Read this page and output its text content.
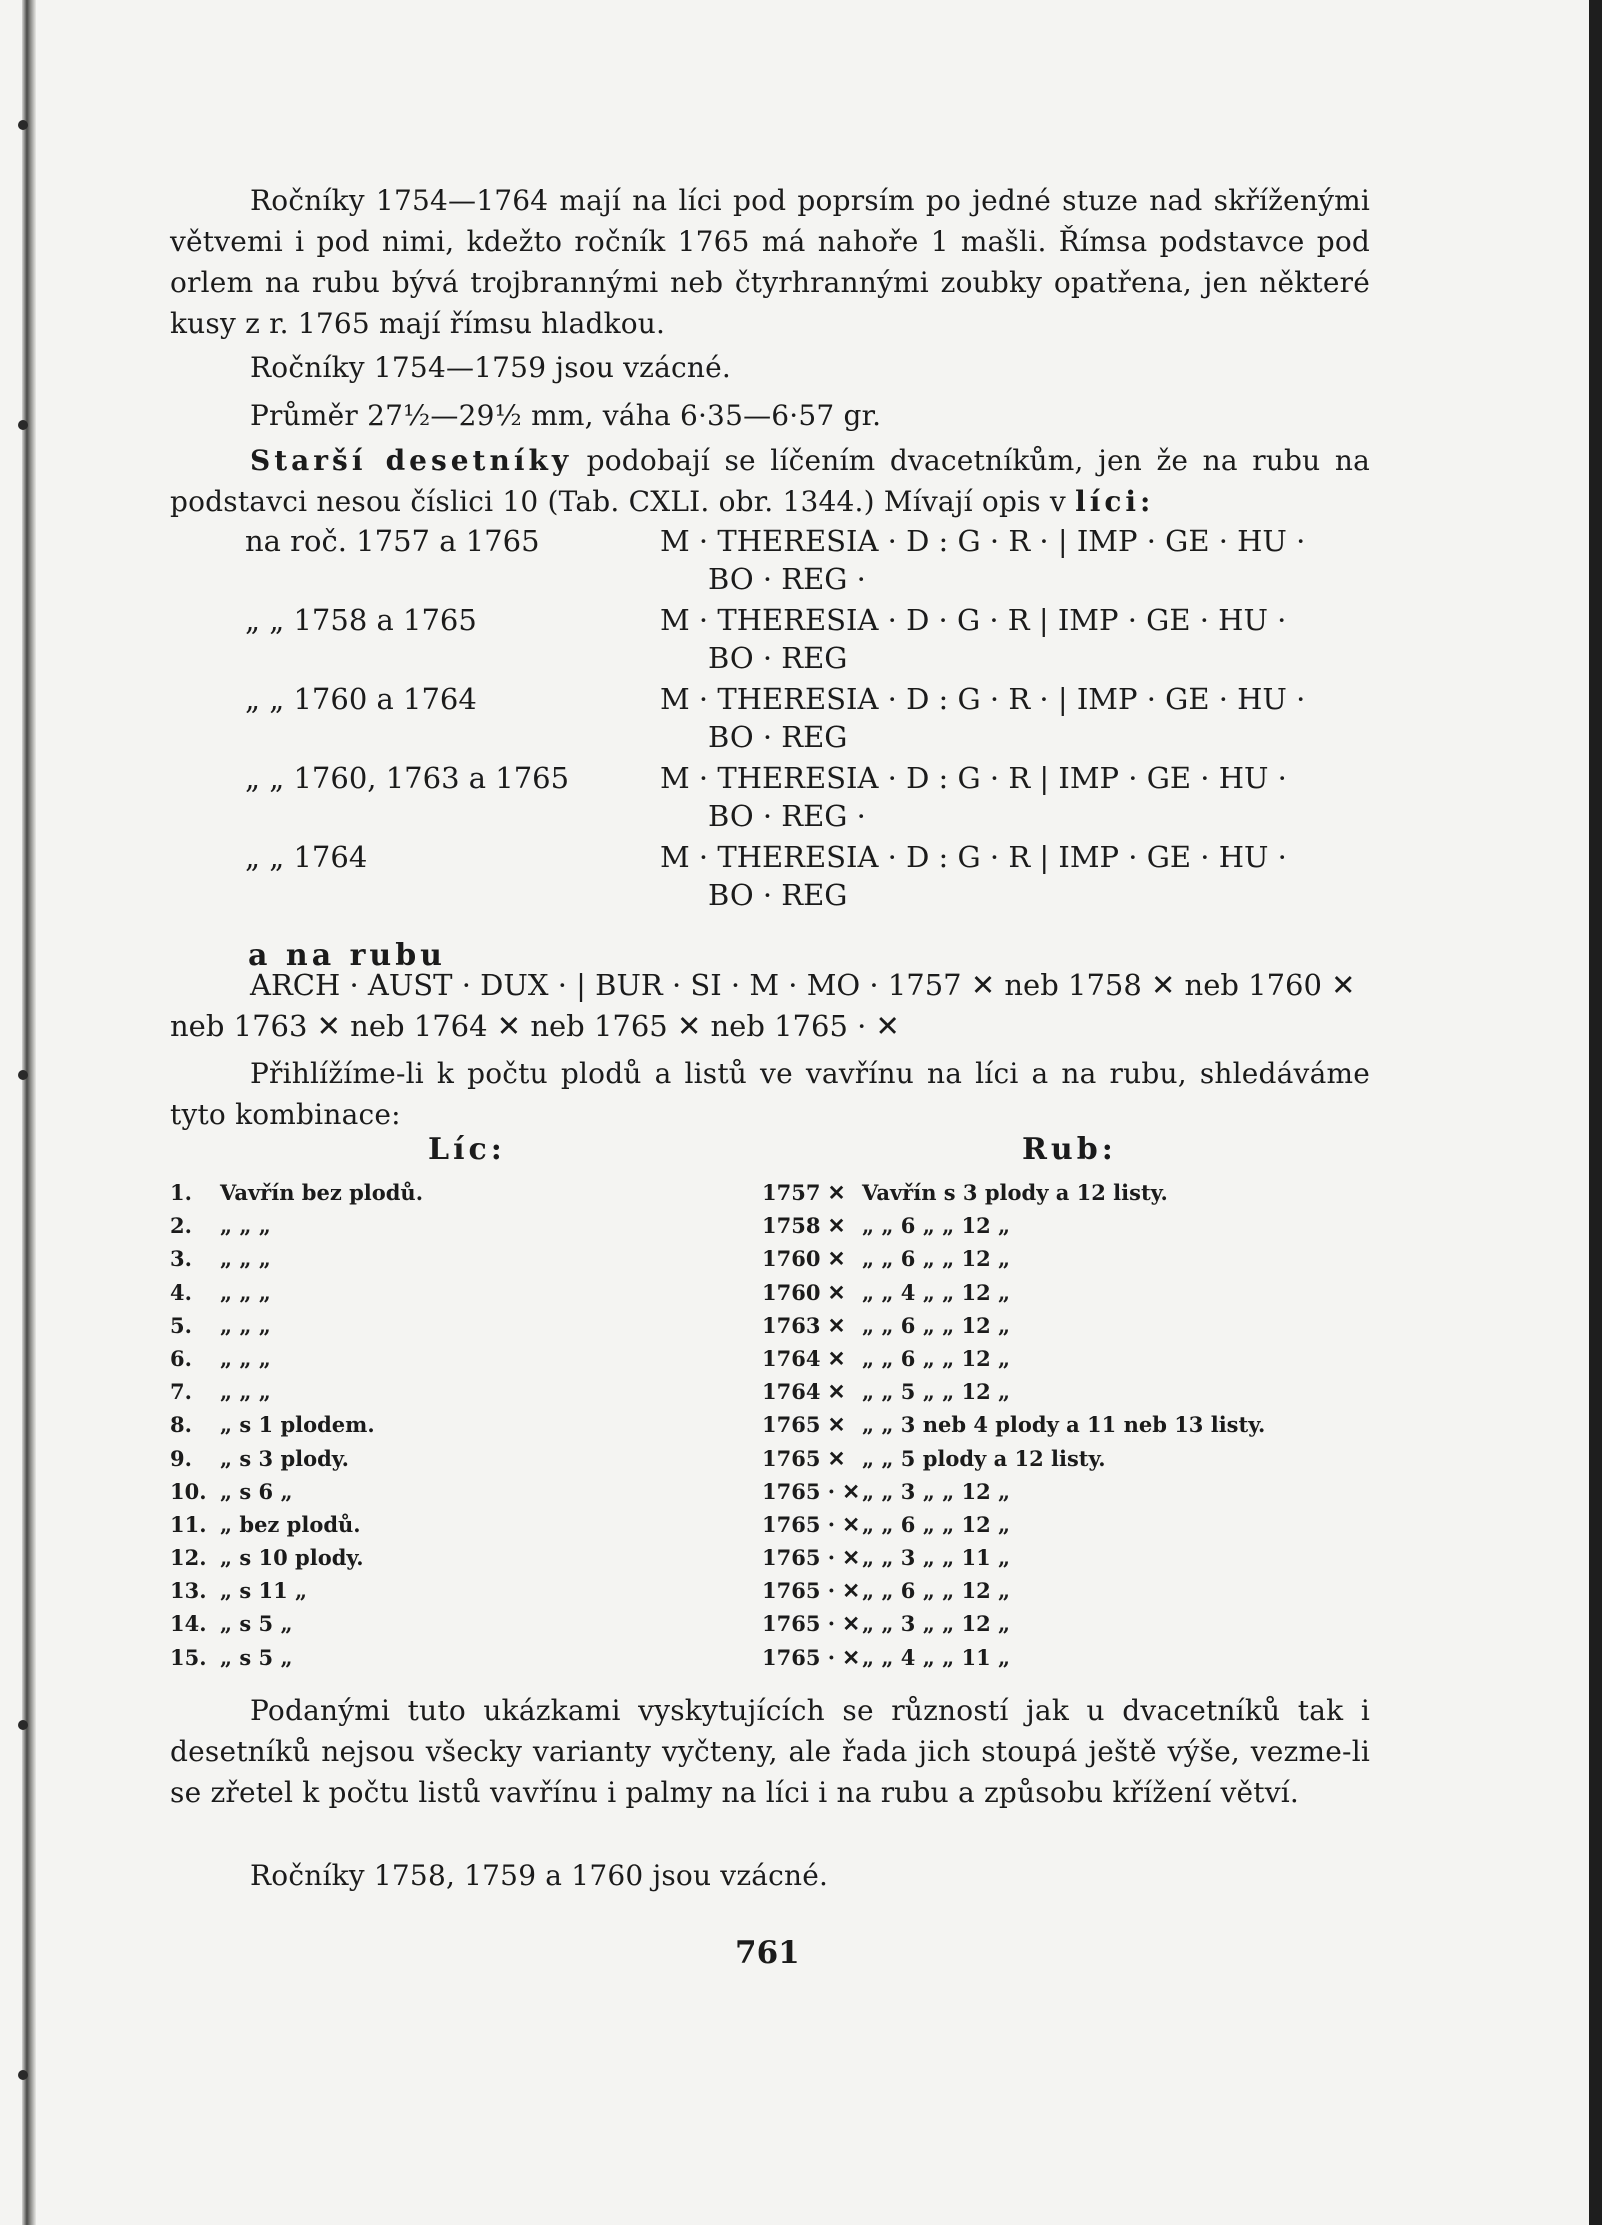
Ročníky 1754—1764 mají na líci pod poprsím po jedné stuze nad skříženými větvemi i pod nimi, kdežto ročník 1765 má nahoře 1 mašli. Římsa podstavce pod orlem na rubu bývá trojbrannými neb čtyrhrannými zoubky opatřena, jen některé kusy z r. 1765 mají římsu hladkou.
Ročníky 1754—1759 jsou vzácné.
Průměr 27½—29½ mm, váha 6·35—6·57 gr.
Starší desetníky podobají se líčením dvacetníkům, jen že na rubu na podstavci nesou číslici 10 (Tab. CXLI. obr. 1344.) Mívají opis v líci:
na roč. 1757 a 1765	M · THERESIA · D : G · R · | IMP · GE · HU ·
BO · REG ·
„ „ 1758 a 1765	M · THERESIA · D · G · R | IMP · GE · HU ·
BO · REG
„ „ 1760 a 1764	M · THERESIA · D : G · R · | IMP · GE · HU ·
BO · REG
„ „ 1760, 1763 a 1765	M · THERESIA · D : G · R | IMP · GE · HU ·
BO · REG ·
„ „ 1764	M · THERESIA · D : G · R | IMP · GE · HU ·
BO · REG
a na rubu
ARCH · AUST · DUX · | BUR · SI · M · MO · 1757 ✕ neb 1758 ✕ neb 1760 ✕ neb 1763 ✕ neb 1764 ✕ neb 1765 ✕ neb 1765 · ✕
Přihlížíme-li k počtu plodů a listů ve vavřínu na líci a na rubu, shledáváme tyto kombinace:
Líc:	Rub:
1. Vavřín bez plodů.	1757 ✕ Vavřín s 3 plody a 12 listy.
2. „ „ „	1758 ✕ „ „ 6 „ „ 12 „
3. „ „ „	1760 ✕ „ „ 6 „ „ 12 „
4. „ „ „	1760 ✕ „ „ 4 „ „ 12 „
5. „ „ „	1763 ✕ „ „ 6 „ „ 12 „
6. „ „ „	1764 ✕ „ „ 6 „ „ 12 „
7. „ „ „	1764 ✕ „ „ 5 „ „ 12 „
8. „ s 1 plodem.	1765 ✕ „ „ 3 neb 4 plody a 11 neb 13 listy.
9. „ s 3 plody.	1765 ✕ „ „ 5 plody a 12 listy.
10. „ s 6 „	1765 · ✕ „ „ 3 „ „ 12 „
11. „ bez plodů.	1765 · ✕ „ „ 6 „ „ 12 „
12. „ s 10 plody.	1765 · ✕ „ „ 3 „ „ 11 „
13. „ s 11 „	1765 · ✕ „ „ 6 „ „ 12 „
14. „ s 5 „	1765 · ✕ „ „ 3 „ „ 12 „
15. „ s 5 „	1765 · ✕ „ „ 4 „ „ 11 „
Podanými tuto ukázkami vyskytujících se růzností jak u dvacetníků tak i desetníků nejsou všecky varianty vyčteny, ale řada jich stoupá ještě výše, vezme-li se zřetel k počtu listů vavřínu i palmy na líci i na rubu a způsobu křížení větví.
Ročníky 1758, 1759 a 1760 jsou vzácné.
761
